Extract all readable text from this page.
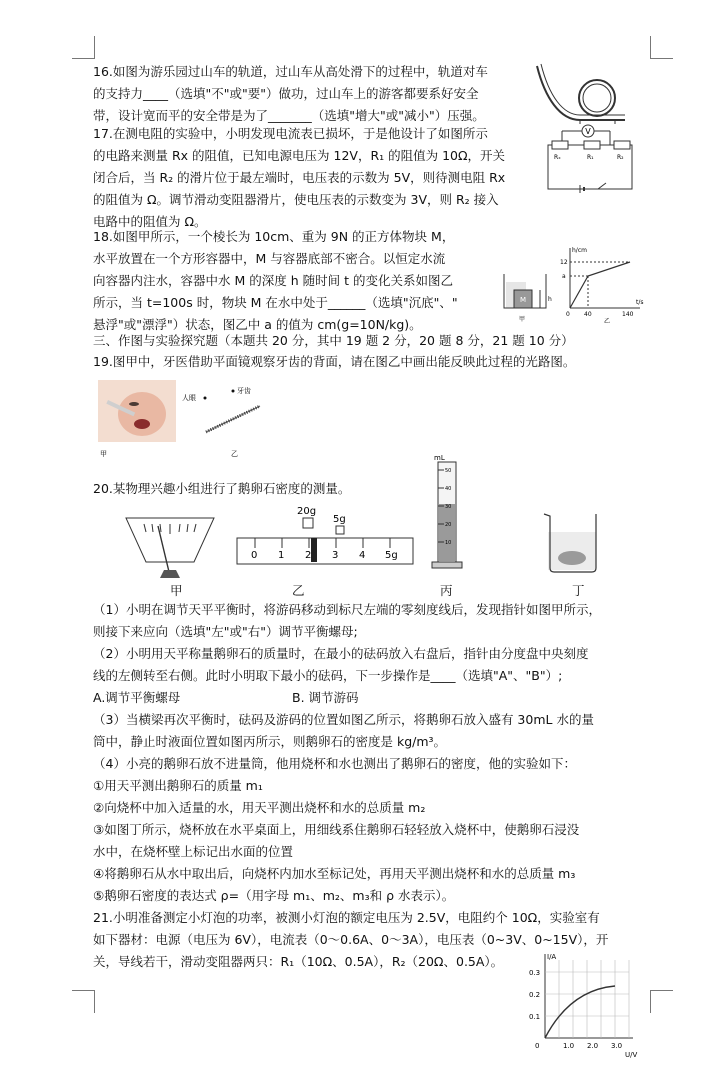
16.如图为游乐园过山车的轨道，过山车从高处滑下的过程中，轨道对车
的支持力____（选填"不"或"要"）做功，过山车上的游客都要系好安全
带，设计宽而平的安全带是为了_______（选填"增大"或"减小"）压强。
17.在测电阻的实验中，小明发现电流表已损坏，于是他设计了如图所示
的电路来测量 Rx 的阻值，已知电源电压为 12V，R₁ 的阻值为 10Ω，开关
闭合后，当 R₂ 的滑片位于最左端时，电压表的示数为 5V，则待测电阻 Rx
的阻值为 Ω。调节滑动变阻器滑片，使电压表的示数变为 3V，则 R₂ 接入
电路中的阻值为 Ω。
V
Rₓ	R₁	R₂
18.如图甲所示，一个棱长为 10cm、重为 9N 的正方体物块 M，
水平放置在一个方形容器中，M 与容器底部不密合。以恒定水流
向容器内注水，容器中水 M 的深度 h 随时间 t 的变化关系如图乙
所示，当 t=100s 时，物块 M 在水中处于______（选填"沉底"、"
悬浮"或"漂浮"）状态，图乙中 a 的值为 cm(g=10N/kg)。
M	h
甲
h/cm
12
a
0 40	140
t/s
乙
三、作图与实验探究题（本题共 20 分，其中 19 题 2 分，20 题 8 分，21 题 10 分）
19.图甲中，牙医借助平面镜观察牙齿的背面，请在图乙中画出能反映此过程的光路图。
人眼
牙齿
甲	乙
20.某物理兴趣小组进行了鹅卵石密度的测量。
20g
5g
0 1 2 3 4 5g
mL
50
40
30
20
10
甲	乙	丙	丁
（1）小明在调节天平平衡时，将游码移动到标尺左端的零刻度线后，发现指针如图甲所示，
则接下来应向（选填"左"或"右"）调节平衡螺母;
（2）小明用天平称量鹅卵石的质量时，在最小的砝码放入右盘后，指针由分度盘中央刻度
线的左侧转至右侧。此时小明取下最小的砝码，下一步操作是____（选填"A"、"B"）;
A.调节平衡螺母	B. 调节游码
（3）当横梁再次平衡时，砝码及游码的位置如图乙所示，将鹅卵石放入盛有 30mL 水的量
筒中，静止时液面位置如图丙所示，则鹅卵石的密度是 kg/m³。
（4）小亮的鹅卵石放不进量筒，他用烧杯和水也测出了鹅卵石的密度，他的实验如下：
①用天平测出鹅卵石的质量 m₁
②向烧杯中加入适量的水，用天平测出烧杯和水的总质量 m₂
③如图丁所示，烧杯放在水平桌面上，用细线系住鹅卵石轻轻放入烧杯中，使鹅卵石浸没
水中，在烧杯壁上标记出水面的位置
④将鹅卵石从水中取出后，向烧杯内加水至标记处，再用天平测出烧杯和水的总质量 m₃
⑤鹅卵石密度的表达式 ρ=（用字母 m₁、m₂、m₃和 ρ 水表示）。
21.小明准备测定小灯泡的功率，被测小灯泡的额定电压为 2.5V，电阻约个 10Ω，实验室有
如下器材：电源（电压为 6V），电流表（0～0.6A、0～3A），电压表（0~3V、0~15V），开
关，导线若干，滑动变阻器两只：R₁（10Ω、0.5A），R₂（20Ω、0.5A）。	I/A
0.3
0.2
0.1
0	1.0 2.0 3.0
U/V
